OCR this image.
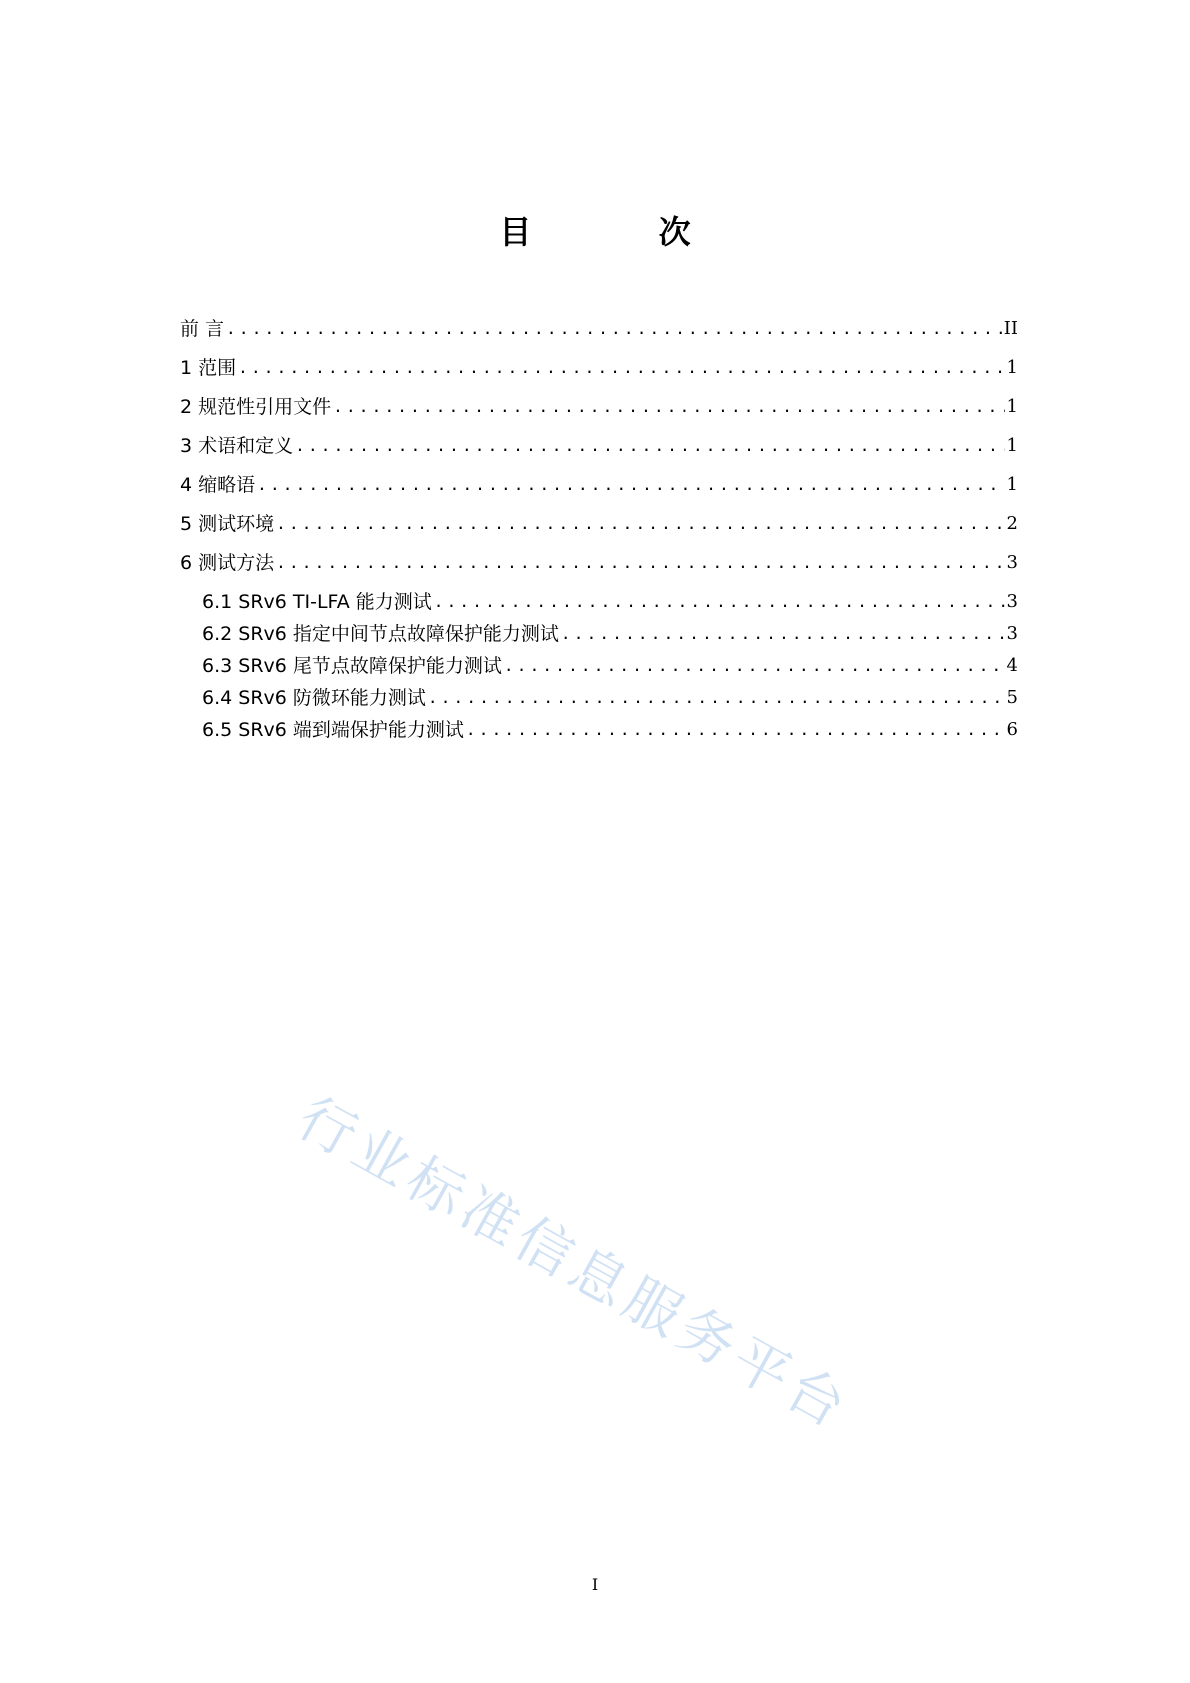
目 次
前 言 .....	II
1 范围 .....	1
2 规范性引用文件 .....	1
3 术语和定义 .....	1
4 缩略语 .....	1
5 测试环境 .....	2
6 测试方法 .....	3
6.1 SRv6 TI-LFA 能力测试 .....	3
6.2 SRv6 指定中间节点故障保护能力测试 .....	3
6.3 SRv6 尾节点故障保护能力测试 .....	4
6.4 SRv6 防微环能力测试 .....	5
6.5 SRv6 端到端保护能力测试 .....	6
行业标准信息服务平台
I
